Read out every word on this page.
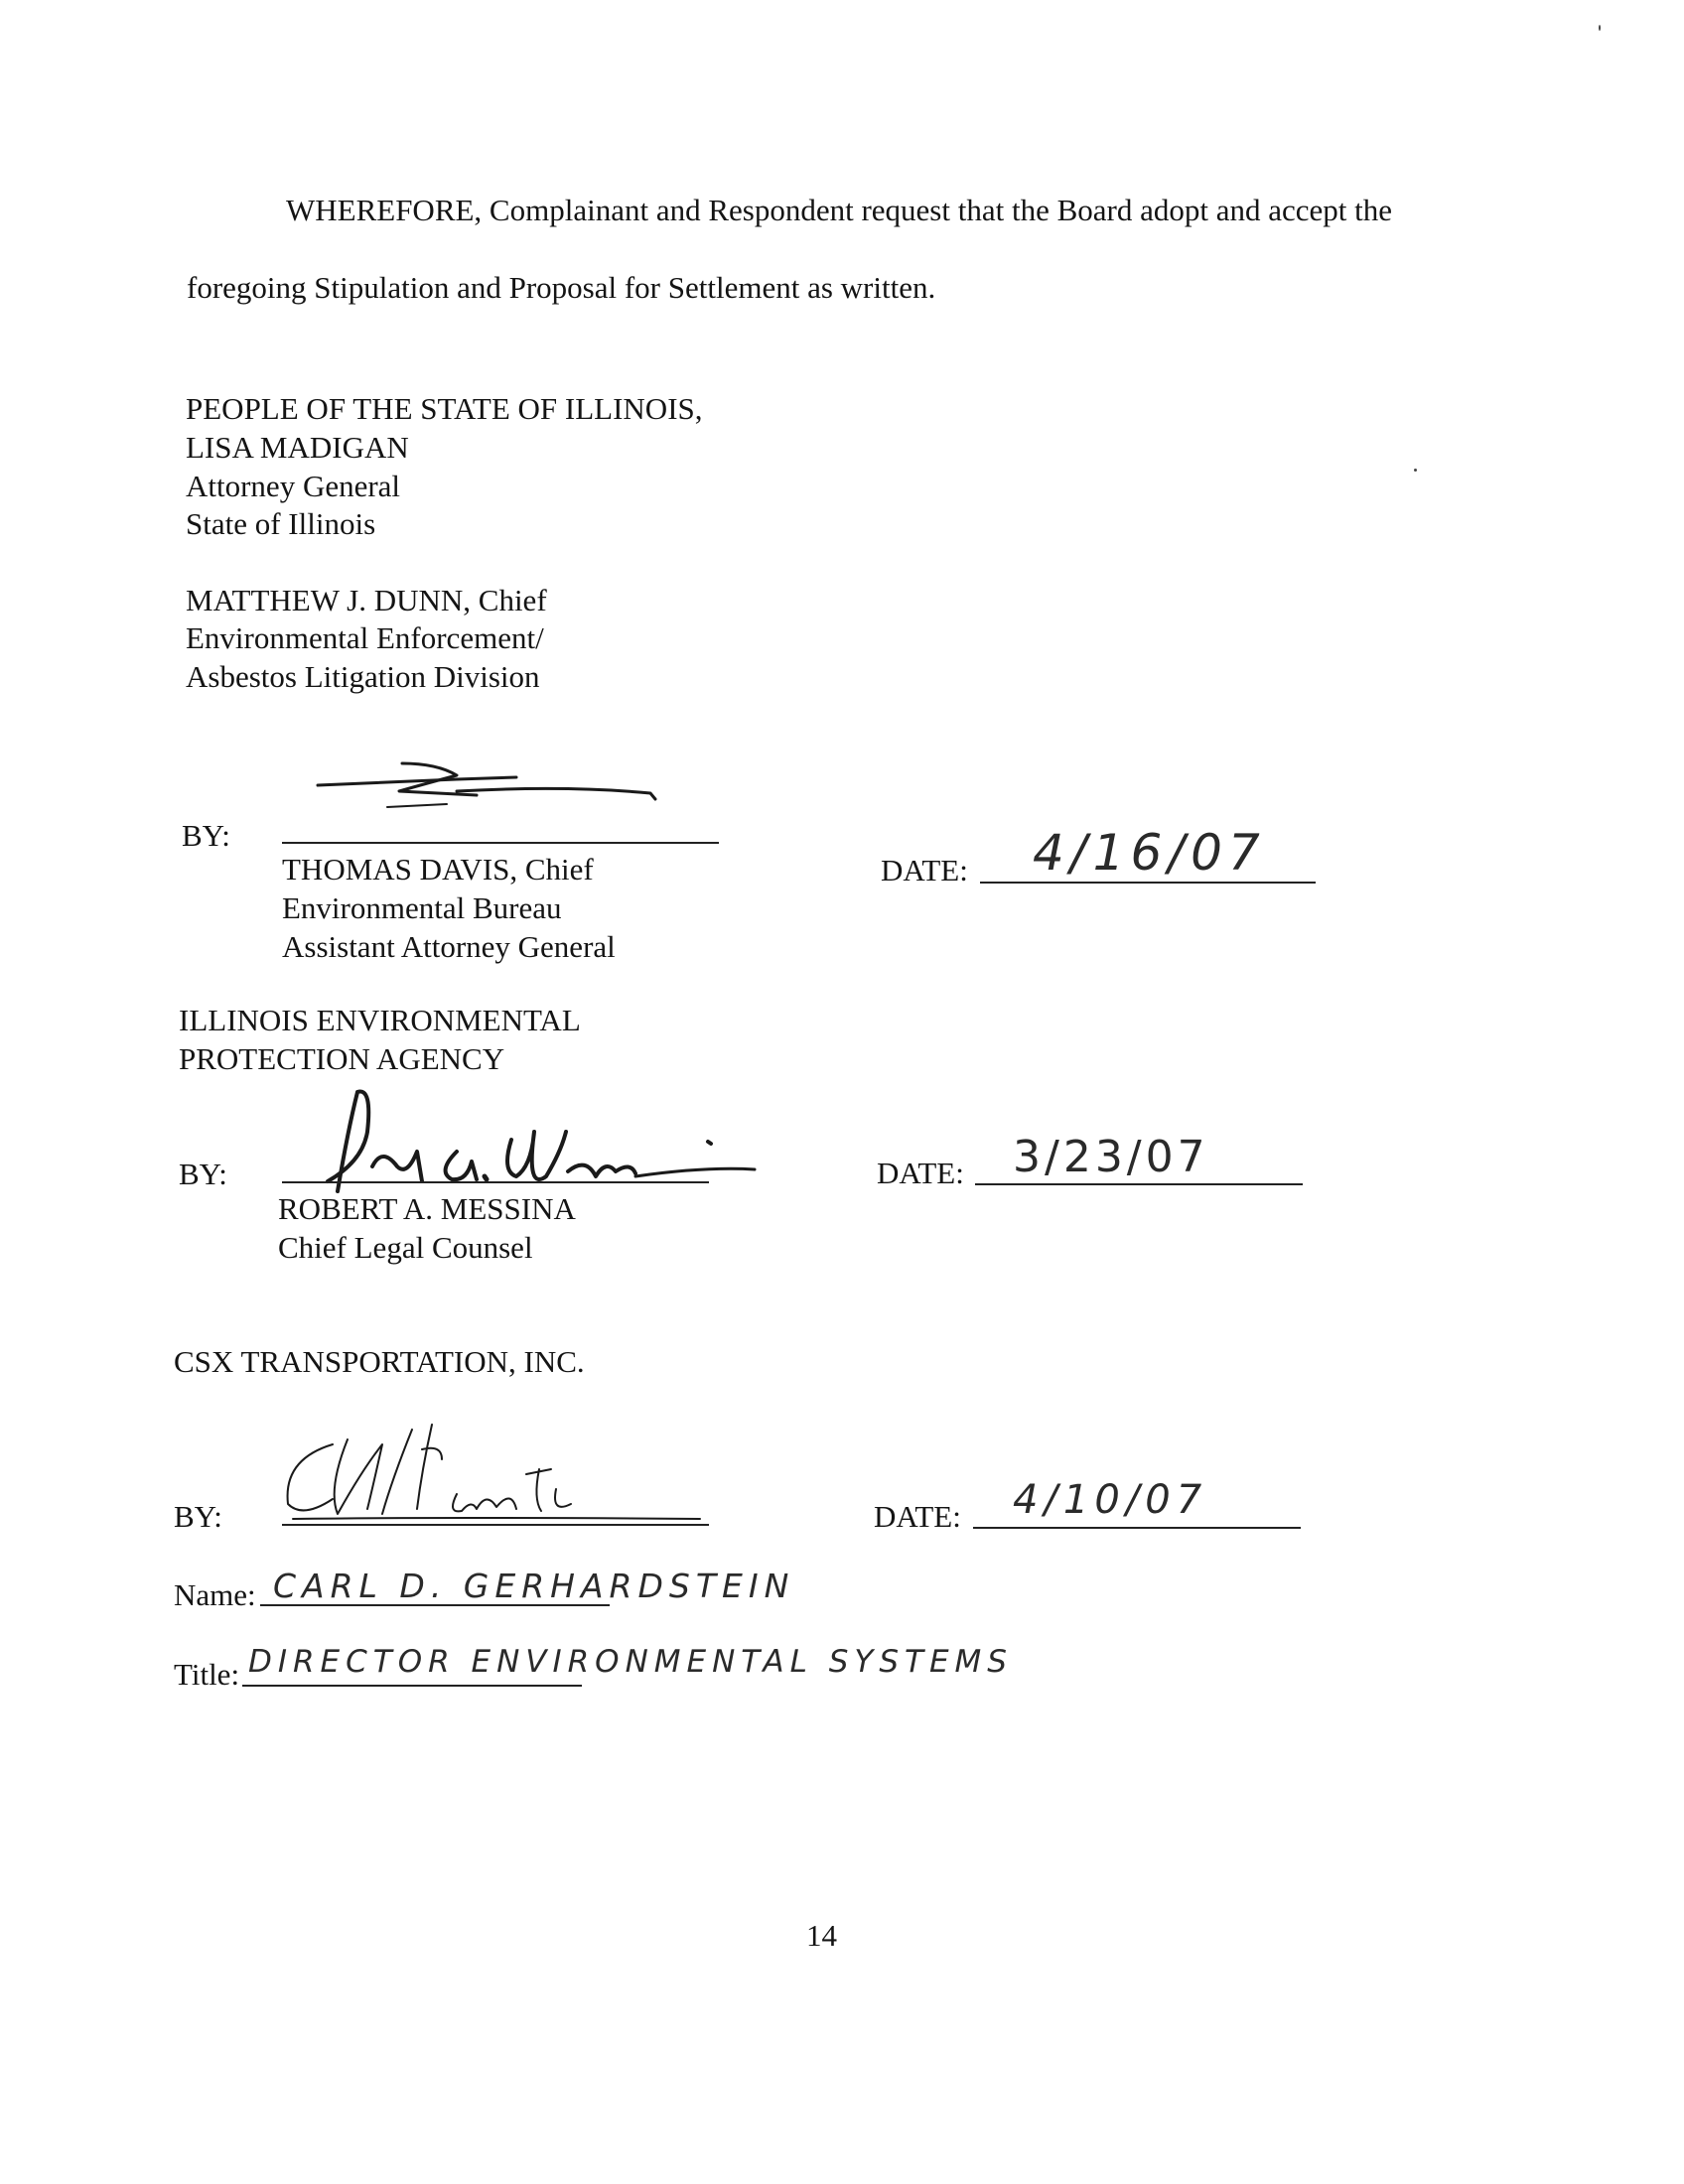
WHEREFORE, Complainant and Respondent request that the Board adopt and accept the
foregoing Stipulation and Proposal for Settlement as written.
PEOPLE OF THE STATE OF ILLINOIS,
LISA MADIGAN
Attorney General
State of Illinois
MATTHEW J. DUNN, Chief
Environmental Enforcement/
Asbestos Litigation Division
BY:
THOMAS DAVIS, Chief
Environmental Bureau
Assistant Attorney General
DATE: 4/16/07
ILLINOIS ENVIRONMENTAL
PROTECTION AGENCY
BY:
ROBERT A. MESSINA
Chief Legal Counsel
DATE: 3/23/07
CSX TRANSPORTATION, INC.
BY:	DATE: 4/10/07
Name: CARL D. GERHARDSTEIN
Title: DIRECTOR ENVIRONMENTAL SYSTEMS
14
